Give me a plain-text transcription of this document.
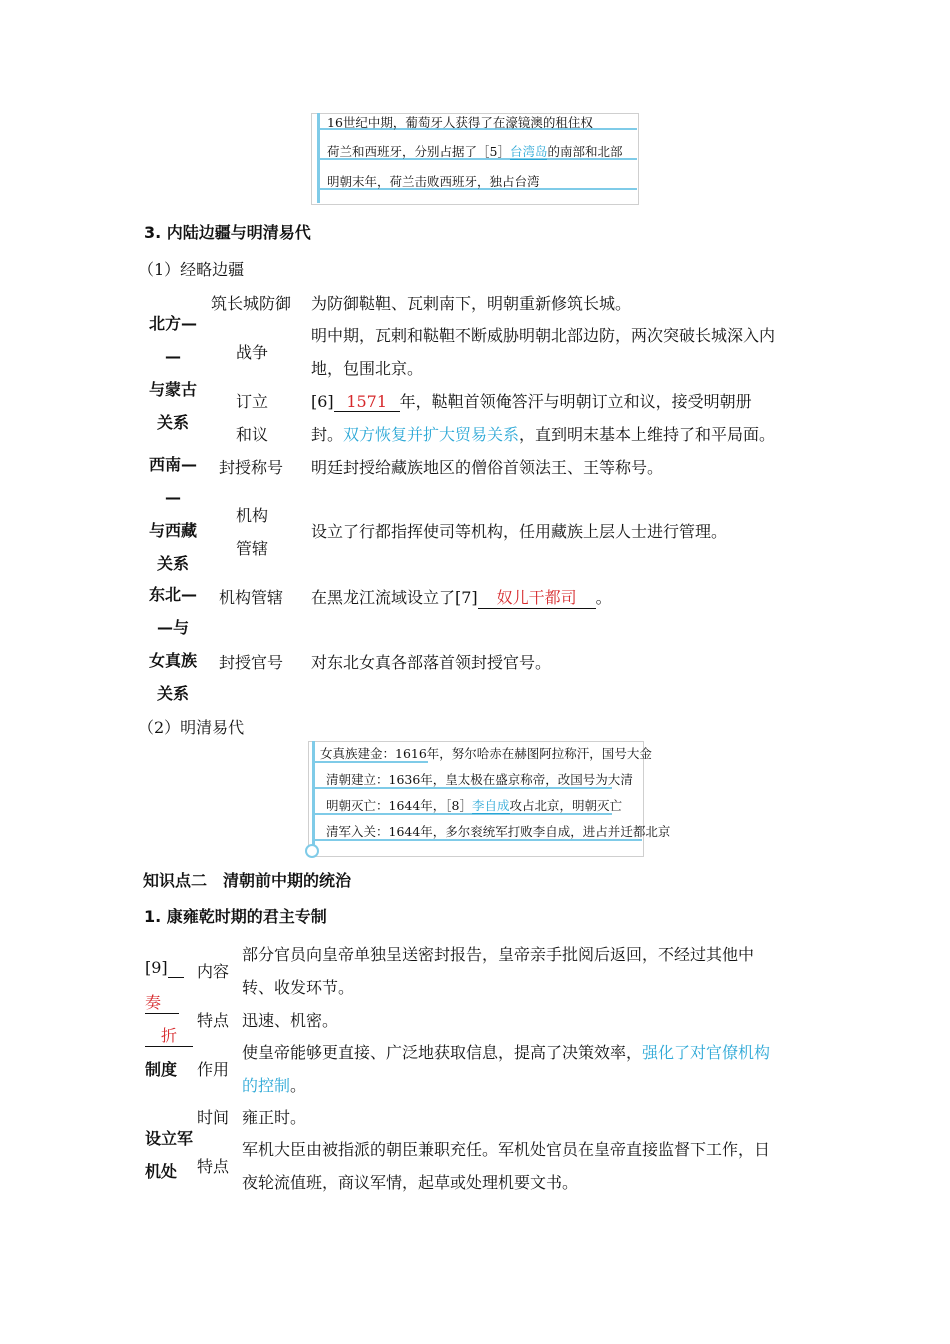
16世纪中期，葡萄牙人获得了在濠镜澳的租住权
荷兰和西班牙，分别占据了［5］台湾岛的南部和北部
明朝末年，荷兰击败西班牙，独占台湾
3. 内陆边疆与明清易代
（1）经略边疆
北方—
—
与蒙古
关系
筑长城防御 为防御鞑靼、瓦剌南下，明朝重新修筑长城。
战争
明中期，瓦剌和鞑靼不断威胁明朝北部边防，两次突破长城深入内
地，包围北京。
订立
和议
[6] 1571 年，鞑靼首领俺答汗与明朝订立和议，接受明朝册
封。双方恢复并扩大贸易关系，直到明末基本上维持了和平局面。
西南—
—
与西藏
关系
封授称号 明廷封授给藏族地区的僧俗首领法王、王等称号。
机构
管辖
设立了行都指挥使司等机构，任用藏族上层人士进行管理。
东北—
—与
女真族
关系
机构管辖 在黑龙江流域设立了[7] 奴儿干都司 。
封授官号 对东北女真各部落首领封授官号。
（2）明清易代
女真族建金：1616年，努尔哈赤在赫图阿拉称汗，国号大金
清朝建立：1636年，皇太极在盛京称帝，改国号为大清
明朝灭亡：1644年，［8］李自成攻占北京，明朝灭亡
清军入关：1644年，多尔衮统军打败李自成，进占并迁都北京
知识点二　清朝前中期的统治
1. 康雍乾时期的君主专制
[9]
奏
折
制度
内容
部分官员向皇帝单独呈送密封报告，皇帝亲手批阅后返回，不经过其他中
转、收发环节。
特点 迅速、机密。
作用
使皇帝能够更直接、广泛地获取信息，提高了决策效率，强化了对官僚机构
的控制。
设立军
机处
时间 雍正时。
特点
军机大臣由被指派的朝臣兼职充任。军机处官员在皇帝直接监督下工作，日
夜轮流值班，商议军情，起草或处理机要文书。
